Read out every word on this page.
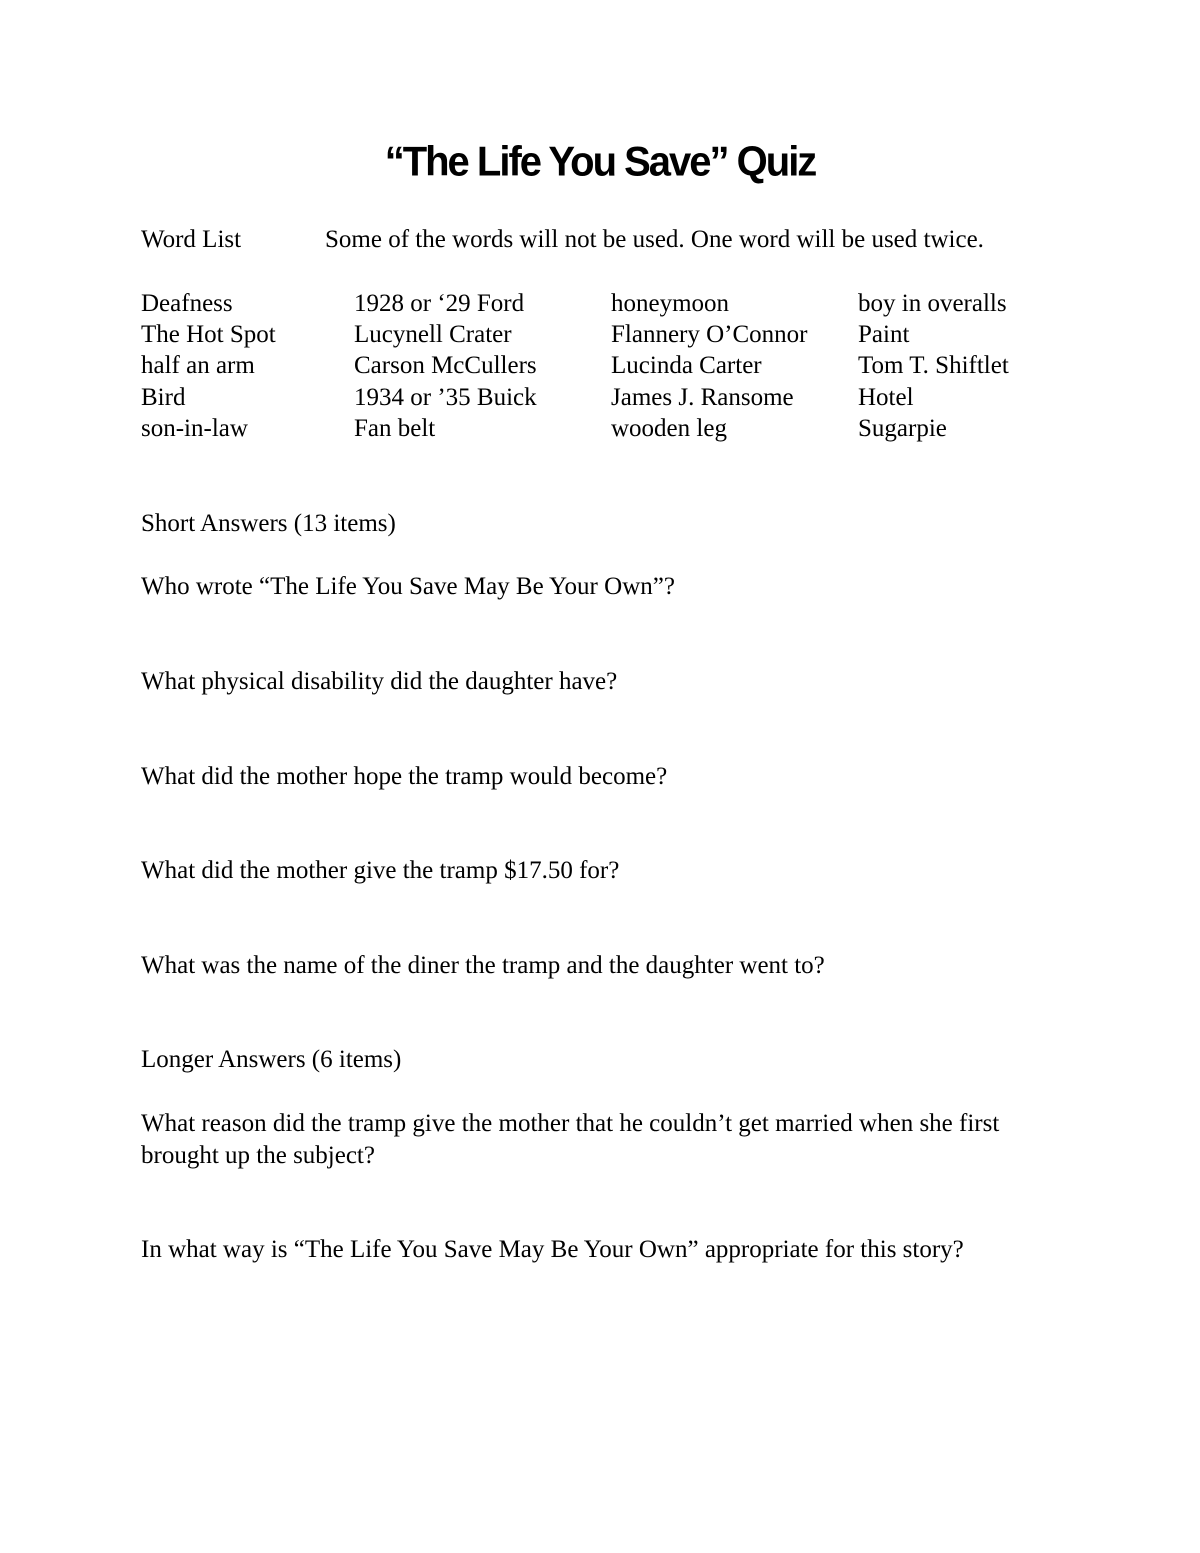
“The Life You Save” Quiz
Word List	Some of the words will not be used. One word will be used twice.
Deafness
The Hot Spot
half an arm
Bird
son-in-law
1928 or ‘29 Ford
Lucynell Crater
Carson McCullers
1934 or ’35 Buick
Fan belt
honeymoon
Flannery O’Connor
Lucinda Carter
James J. Ransome
wooden leg
boy in overalls
Paint
Tom T. Shiftlet
Hotel
Sugarpie
Short Answers (13 items)
Who wrote “The Life You Save May Be Your Own”?
What physical disability did the daughter have?
What did the mother hope the tramp would become?
What did the mother give the tramp $17.50 for?
What was the name of the diner the tramp and the daughter went to?
Longer Answers (6 items)
What reason did the tramp give the mother that he couldn’t get married when she first brought up the subject?
In what way is “The Life You Save May Be Your Own” appropriate for this story?
